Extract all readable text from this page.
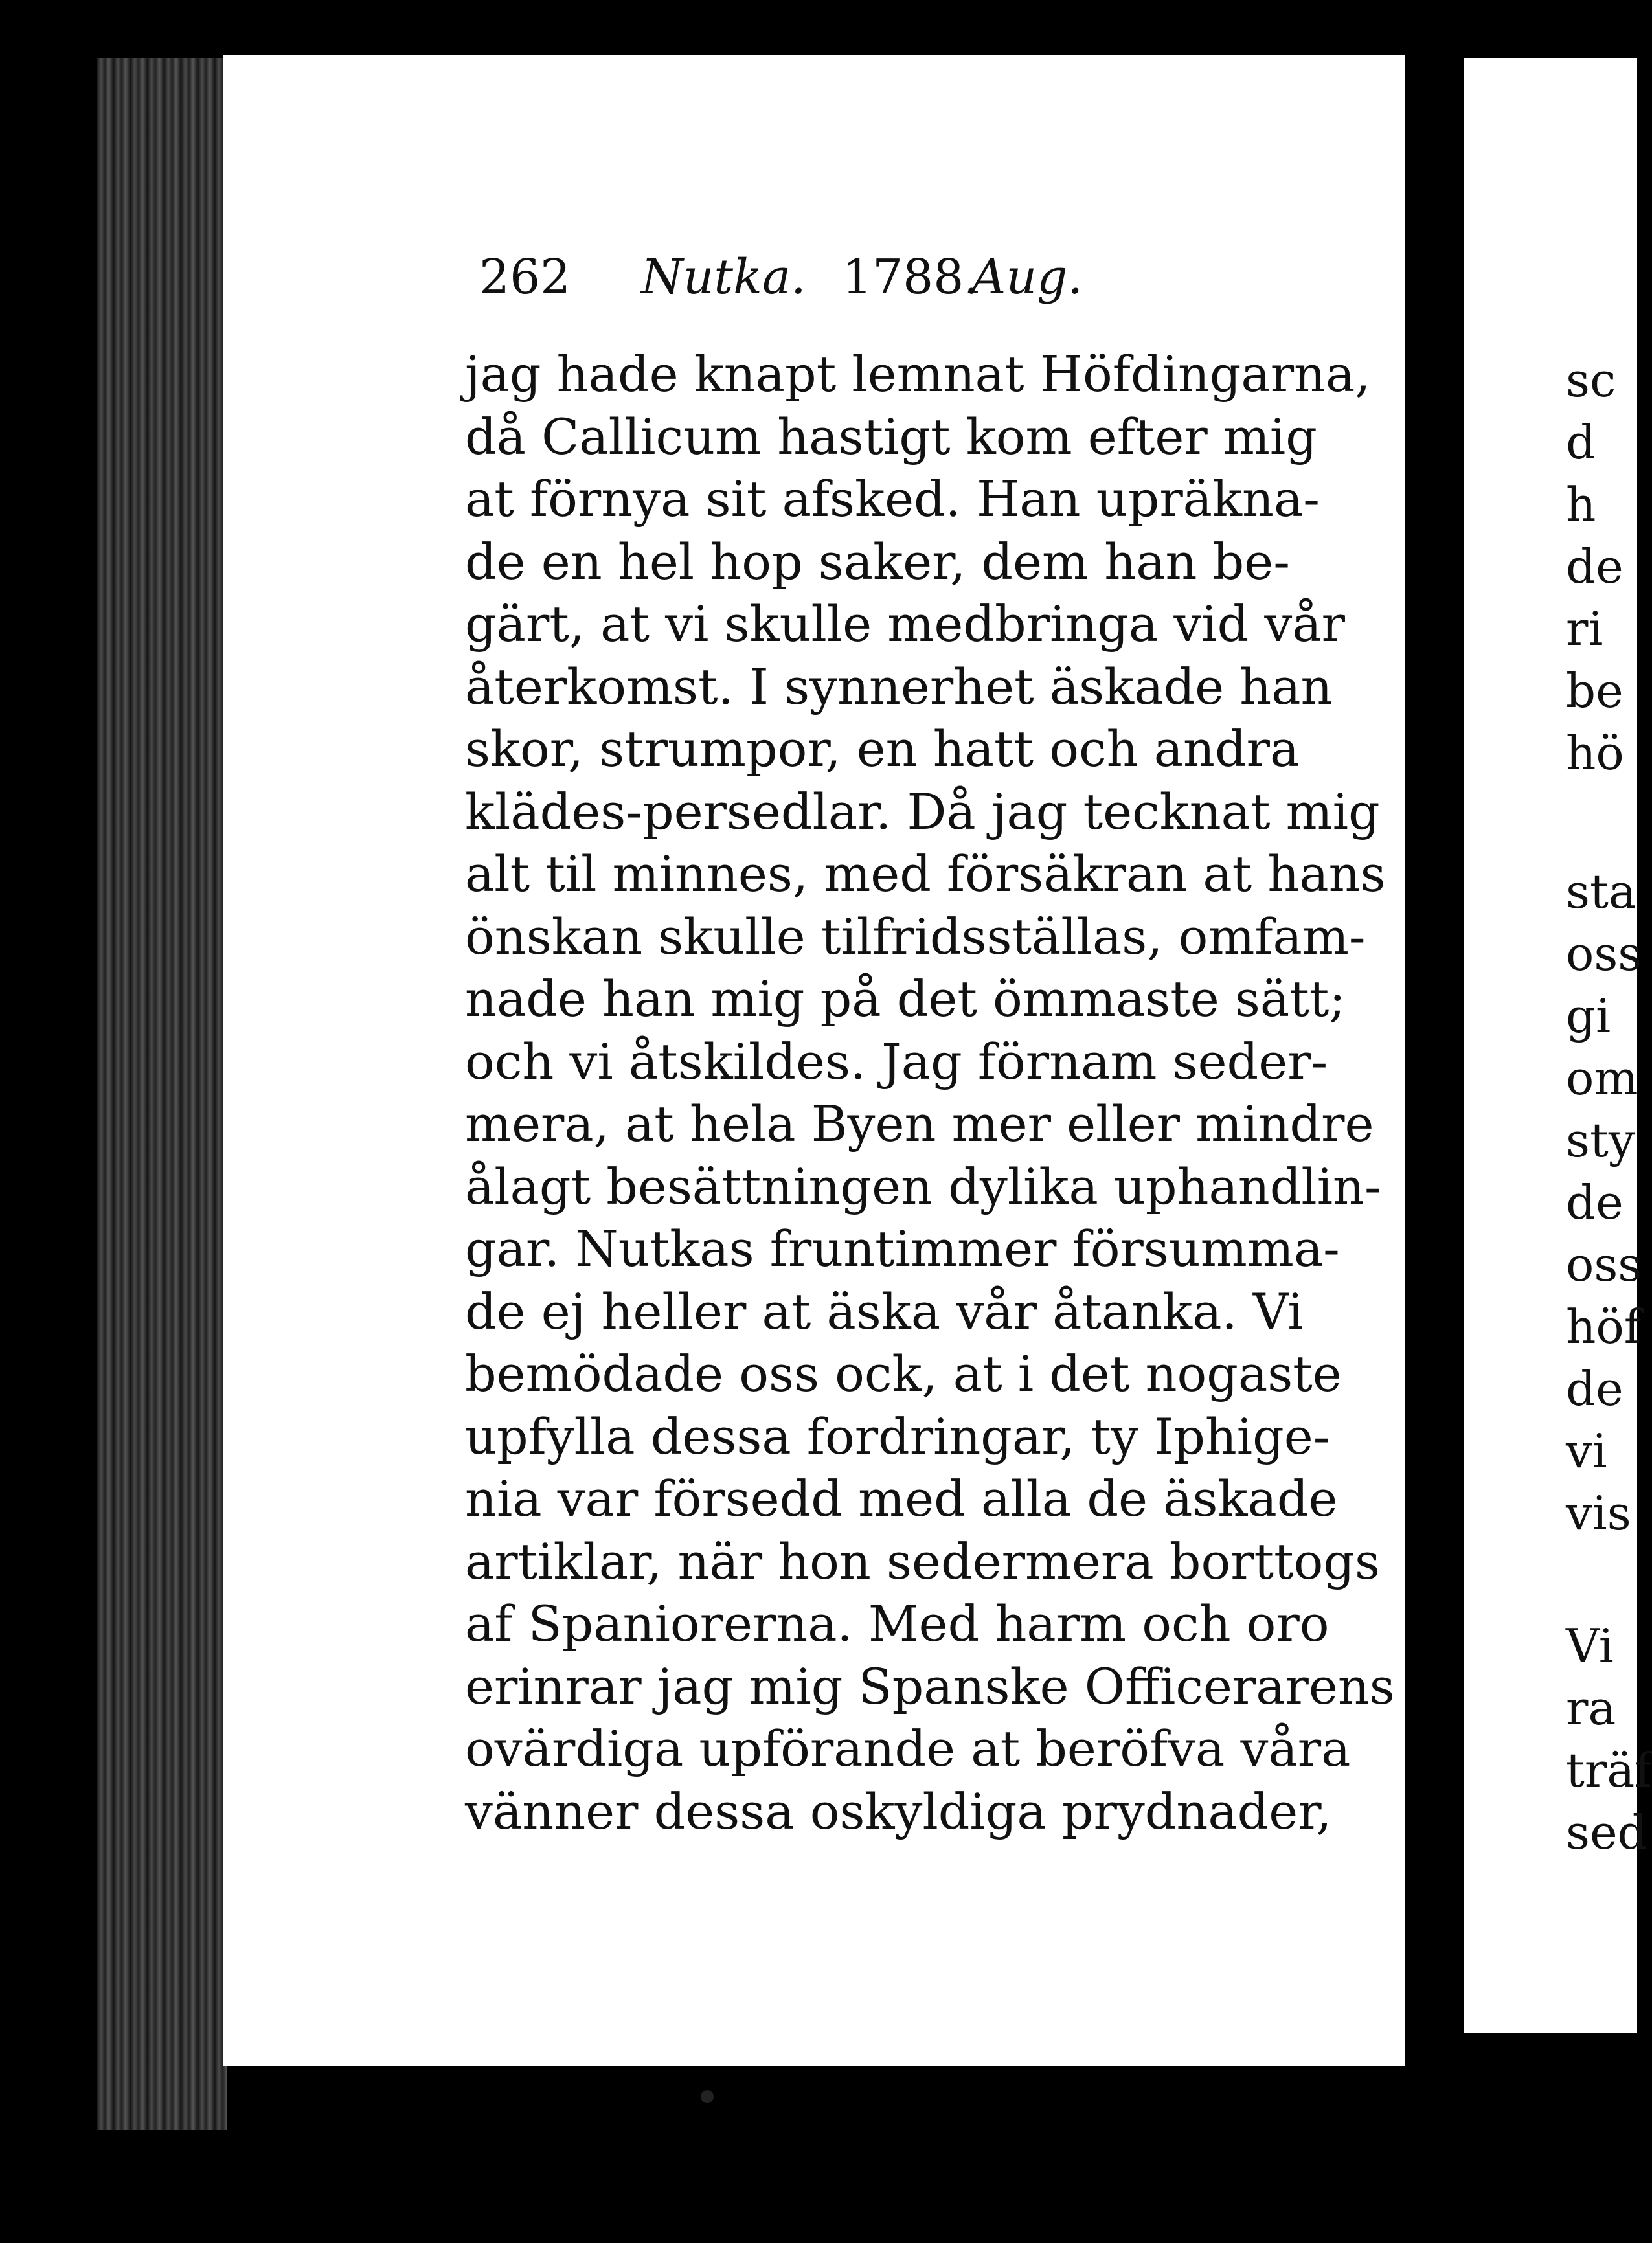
262 Nutka. 1788.
Aug.
jag hade knapt lemnat Höfdingarna,
då Callicum hastigt kom efter mig
at förnya sit afsked. Han upräkna-
de en hel hop saker, dem han be-
gärt, at vi skulle medbringa vid vår
återkomst. I synnerhet äskade han
skor, strumpor, en hatt och andra
klädes-persedlar. Då jag tecknat mig
alt til minnes, med försäkran at hans
önskan skulle tilfridsställas, omfam-
nade han mig på det ömmaste sätt;
och vi åtskildes. Jag förnam seder-
mera, at hela Byen mer eller mindre
ålagt besättningen dylika uphandlin-
gar. Nutkas fruntimmer försumma-
de ej heller at äska vår åtanka. Vi
bemödade oss ock, at i det nogaste
upfylla dessa fordringar, ty Iphige-
nia var försedd med alla de äskade
artiklar, när hon sedermera borttogs
af Spaniorerna. Med harm och oro
erinrar jag mig Spanske Officerarens
ovärdiga upförande at beröfva våra
vänner dessa oskyldiga prydnader,
sc
d
h
de
ri
be
hö
sta
oss
gi
om
sty
de
oss
höf
de
vi
vis
Vi
ra
träf
sed
